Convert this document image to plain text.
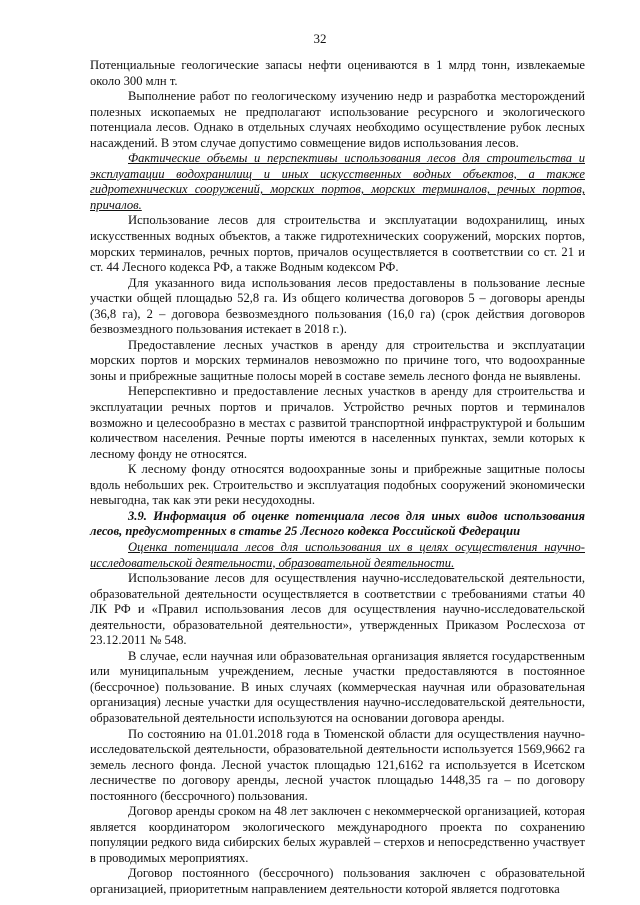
32

Потенциальные геологические запасы нефти оцениваются в 1 млрд тонн, извлекаемые около 300 млн т.

Выполнение работ по геологическому изучению недр и разработка месторождений полезных ископаемых не предполагают использование ресурсного и экологического потенциала лесов. Однако в отдельных случаях необходимо осуществление рубок лесных насаждений. В этом случае допустимо совмещение видов использования лесов.

Фактические объемы и перспективы использования лесов для строительства и эксплуатации водохранилищ и иных искусственных водных объектов, а также гидротехнических сооружений, морских портов, морских терминалов, речных портов, причалов.

Использование лесов для строительства и эксплуатации водохранилищ, иных искусственных водных объектов, а также гидротехнических сооружений, морских портов, морских терминалов, речных портов, причалов осуществляется в соответствии со ст. 21 и ст. 44 Лесного кодекса РФ, а также Водным кодексом РФ.

Для указанного вида использования лесов предоставлены в пользование лесные участки общей площадью 52,8 га. Из общего количества договоров 5 – договоры аренды (36,8 га), 2 – договора безвозмездного пользования (16,0 га) (срок действия договоров безвозмездного пользования истекает в 2018 г.).

Предоставление лесных участков в аренду для строительства и эксплуатации морских портов и морских терминалов невозможно по причине того, что водоохранные зоны и прибрежные защитные полосы морей в составе земель лесного фонда не выявлены.

Неперспективно и предоставление лесных участков в аренду для строительства и эксплуатации речных портов и причалов. Устройство речных портов и терминалов возможно и целесообразно в местах с развитой транспортной инфраструктурой и большим количеством населения. Речные порты имеются в населенных пунктах, земли которых к лесному фонду не относятся.

К лесному фонду относятся водоохранные зоны и прибрежные защитные полосы вдоль небольших рек. Строительство и эксплуатация подобных сооружений экономически невыгодна, так как эти реки несудоходны.

3.9. Информация об оценке потенциала лесов для иных видов использования лесов, предусмотренных в статье 25 Лесного кодекса Российской Федерации

Оценка потенциала лесов для использования их в целях осуществления научно-исследовательской деятельности, образовательной деятельности.

Использование лесов для осуществления научно-исследовательской деятельности, образовательной деятельности осуществляется в соответствии с требованиями статьи 40 ЛК РФ и «Правил использования лесов для осуществления научно-исследовательской деятельности, образовательной деятельности», утвержденных Приказом Рослесхоза от 23.12.2011 № 548.

В случае, если научная или образовательная организация является государственным или муниципальным учреждением, лесные участки предоставляются в постоянное (бессрочное) пользование. В иных случаях (коммерческая научная или образовательная организация) лесные участки для осуществления научно-исследовательской деятельности, образовательной деятельности используются на основании договора аренды.

По состоянию на 01.01.2018 года в Тюменской области для осуществления научно-исследовательской деятельности, образовательной деятельности используется 1569,9662 га земель лесного фонда. Лесной участок площадью 121,6162 га используется в Исетском лесничестве по договору аренды, лесной участок площадью 1448,35 га – по договору постоянного (бессрочного) пользования.

Договор аренды сроком на 48 лет заключен с некоммерческой организацией, которая является координатором экологического международного проекта по сохранению популяции редкого вида сибирских белых журавлей – стерхов и непосредственно участвует в проводимых мероприятиях.

Договор постоянного (бессрочного) пользования заключен с образовательной организацией, приоритетным направлением деятельности которой является подготовка
